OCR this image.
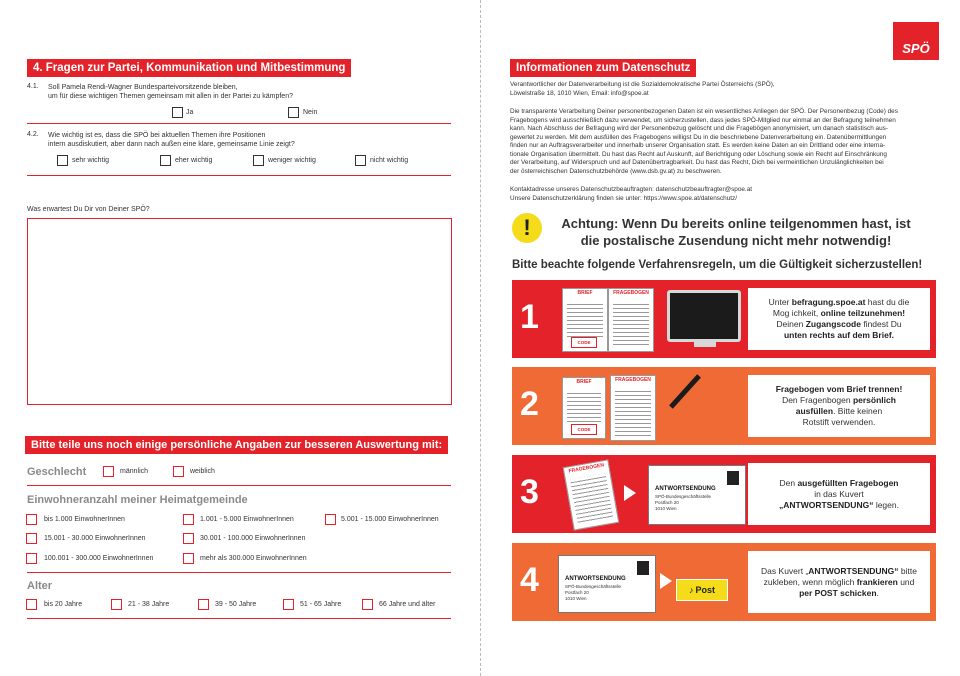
4. Fragen zur Partei, Kommunikation und Mitbestimmung
4.1. Soll Pamela Rendi-Wagner Bundesparteivorsitzende bleiben,
um für diese wichtigen Themen gemeinsam mit allen in der Partei zu kämpfen?
Ja	Nein
4.2. Wie wichtig ist es, dass die SPÖ bei aktuellen Themen ihre Positionen
intern ausdiskutiert, aber dann nach außen eine klare, gemeinsame Linie zeigt?
sehr wichtig	eher wichtig	weniger wichtig	nicht wichtig
Was erwartest Du Dir von Deiner SPÖ?
Bitte teile uns noch einige persönliche Angaben zur besseren Auswertung mit:
Geschlecht	männlich	weiblich
Einwohneranzahl meiner Heimatgemeinde
bis 1.000 EinwohnerInnen	1.001 - 5.000 EinwohnerInnen	5.001 - 15.000 EinwohnerInnen
15.001 - 30.000 EinwohnerInnen	30.001 - 100.000 EinwohnerInnen
100.001 - 300.000 EinwohnerInnen	mehr als 300.000 EinwohnerInnen
Alter
bis 20 Jahre	21 - 38 Jahre	39 - 50 Jahre	51 - 65 Jahre	66 Jahre und älter
SPÖ
Informationen zum Datenschutz
Verantwortlicher der Datenverarbeitung ist die Sozialdemokratische Partei Österreichs (SPÖ),
Löwelstraße 18, 1010 Wien, Email: info@spoe.at
Die transparente Verarbeitung Deiner personenbezogenen Daten ist ein wesentliches Anliegen der SPÖ. Der Personenbezug (Code) des
Fragebogens wird ausschließlich dazu verwendet, um sicherzustellen, dass jedes SPÖ-Mitglied nur einmal an der Befragung teilnehmen
kann. Nach Abschluss der Befragung wird der Personenbezug gelöscht und die Fragebögen anonymisiert, um danach statistisch aus-
gewertet zu werden. Mit dem ausfüllen des Fragebogens willigst Du in die beschriebene Datenverarbeitung ein. Datenübermittlungen
finden nur an Auftragsverarbeiter und innerhalb unserer Organisation statt. Es werden keine Daten an ein Drittland oder eine interna-
tionale Organisation übermittelt. Du hast das Recht auf Auskunft, auf Berichtigung oder Löschung sowie ein Recht auf Einschränkung
der Verarbeitung, auf Widerspruch und auf Datenübertragbarkeit. Du hast das Recht, Dich bei vermeintlichen Unzulänglichkeiten bei
der österreichischen Datenschutzbehörde (www.dsb.gv.at) zu beschweren.
Kontaktadresse unseres Datenschutzbeauftragten: datenschutzbeauftragter@spoe.at
Unsere Datenschutzerklärung finden sie unter: https://www.spoe.at/datenschutz/
!	Achtung: Wenn Du bereits online teilgenommen hast, ist
die postalische Zusendung nicht mehr notwendig!
Bitte beachte folgende Verfahrensregeln, um die Gültigkeit sicherzustellen!
1
BRIEF
CODE
FRAGEBOGEN
Unter befragung.spoe.at hast du die
Mog ichkeit, online teilzunehmen!
Deinen Zugangscode findest Du
unten rechts auf dem Brief.
2
BRIEF
CODE
FRAGEBOGEN
Fragebogen vom Brief trennen!
Den Fragenbogen persönlich
ausfüllen. Bitte keinen
Rotstift verwenden.
3
FRAGEBOGEN
ANTWORTSENDUNG
SPÖ-Bundesgeschäftsstelle
Postfach 20
1010 Wien
Den ausgefüllten Fragebogen
in das Kuvert
„ANTWORTSENDUNG“ legen.
4	ANTWORTSENDUNG
SPÖ-Bundesgeschäftsstelle
Postfach 20
1010 Wien
♪ Post
Das Kuvert „ANTWORTSENDUNG“ bitte
zukleben, wenn möglich frankieren und
per POST schicken.
